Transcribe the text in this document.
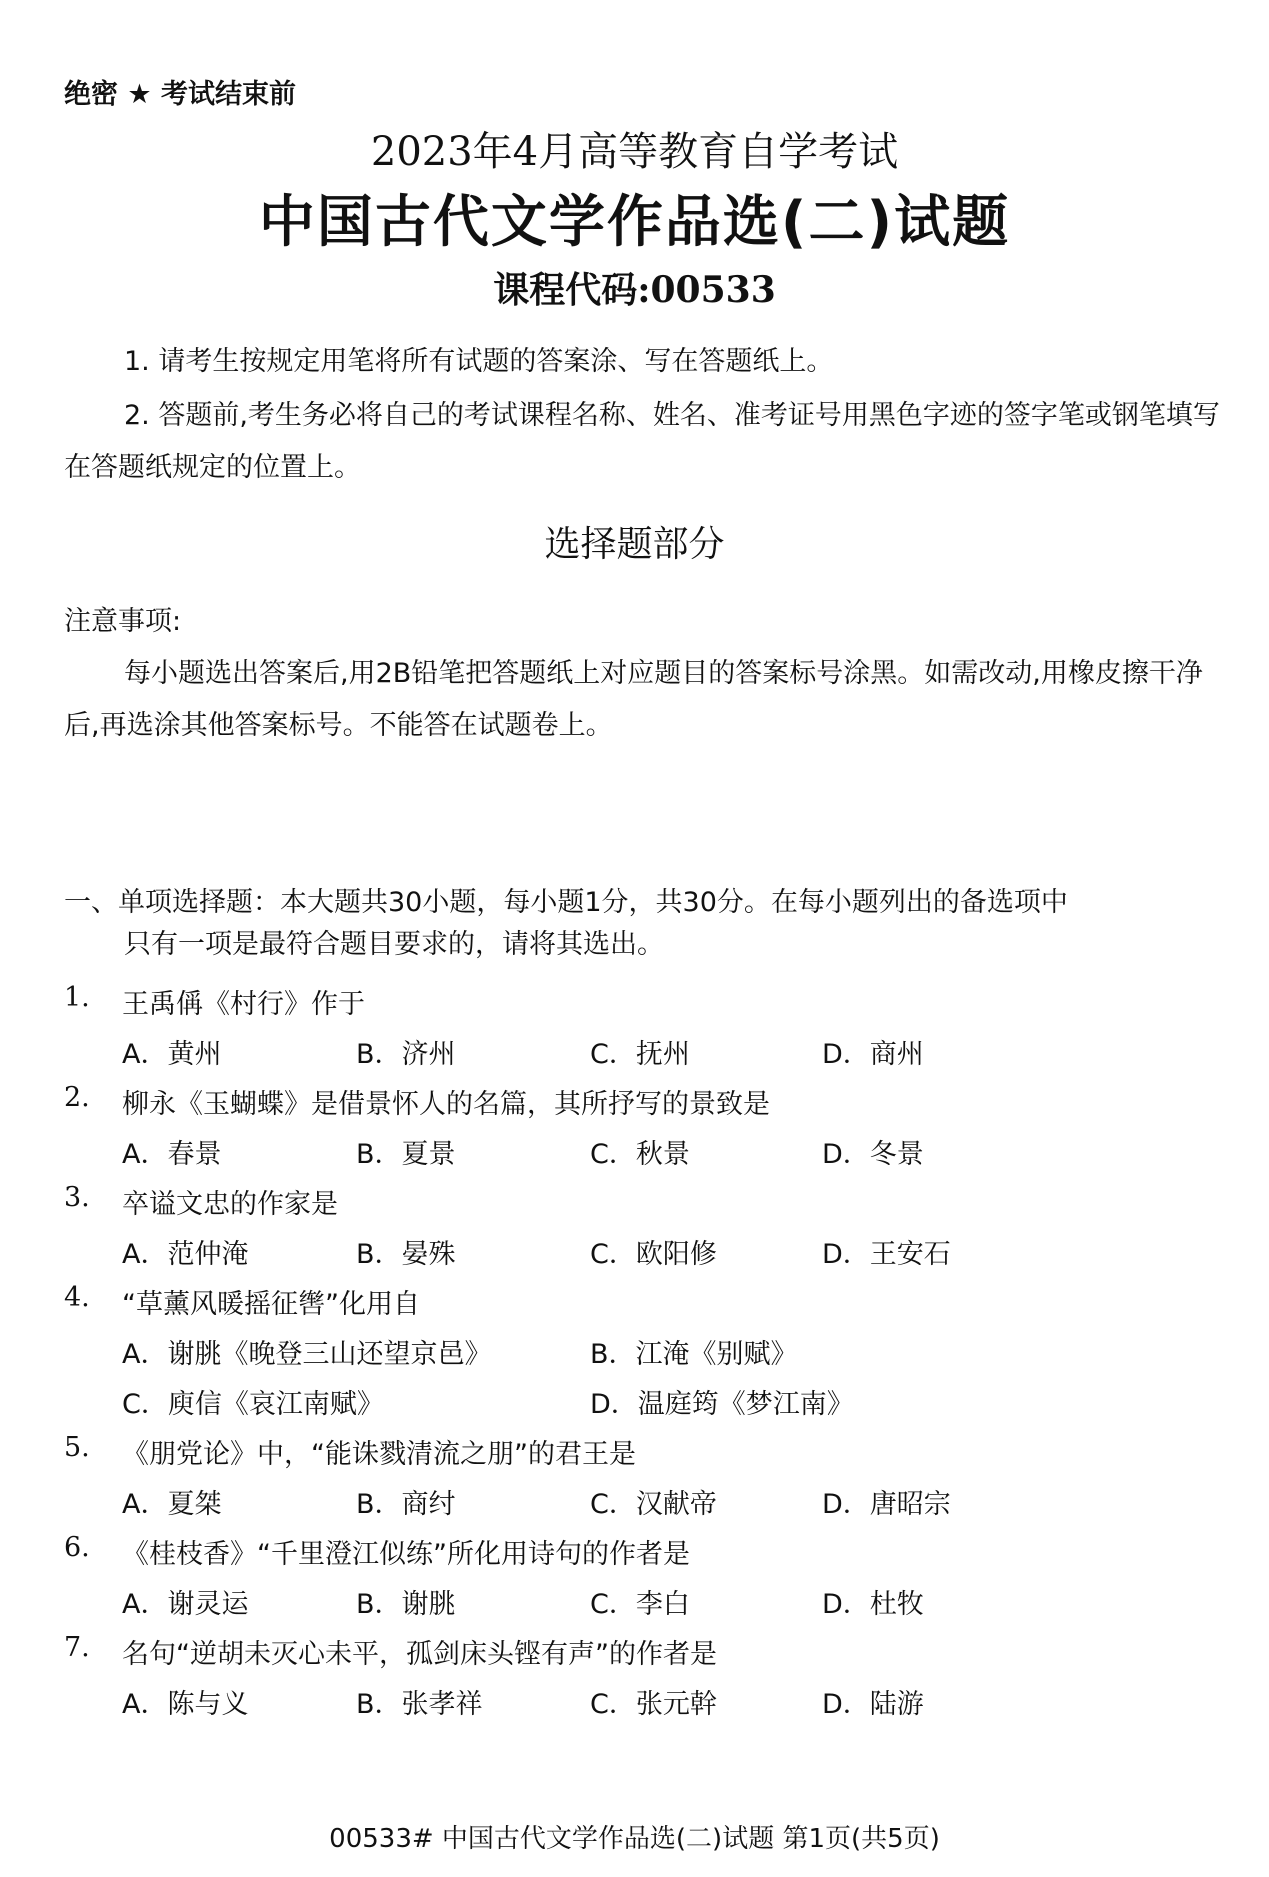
绝密 ★ 考试结束前
2023年4月高等教育自学考试
中国古代文学作品选(二)试题
课程代码:00533
1. 请考生按规定用笔将所有试题的答案涂、写在答题纸上。
2. 答题前,考生务必将自己的考试课程名称、姓名、准考证号用黑色字迹的签字笔或钢笔填写在答题纸规定的位置上。
选择题部分
注意事项:
每小题选出答案后,用2B铅笔把答题纸上对应题目的答案标号涂黑。如需改动,用橡皮擦干净后,再选涂其他答案标号。不能答在试题卷上。
一、单项选择题：本大题共30小题，每小题1分，共30分。在每小题列出的备选项中
只有一项是最符合题目要求的，请将其选出。
1. 王禹偁《村行》作于
A．黄州	B．济州	C．抚州	D．商州
2. 柳永《玉蝴蝶》是借景怀人的名篇，其所抒写的景致是
A．春景	B．夏景	C．秋景	D．冬景
3. 卒谥文忠的作家是
A．范仲淹	B．晏殊	C．欧阳修	D．王安石
4. “草薰风暖摇征辔”化用自
A．谢朓《晚登三山还望京邑》	B．江淹《别赋》
C．庾信《哀江南赋》	D．温庭筠《梦江南》
5. 《朋党论》中，“能诛戮清流之朋”的君王是
A．夏桀	B．商纣	C．汉献帝	D．唐昭宗
6. 《桂枝香》“千里澄江似练”所化用诗句的作者是
A．谢灵运	B．谢朓	C．李白	D．杜牧
7. 名句“逆胡未灭心未平，孤剑床头铿有声”的作者是
A．陈与义	B．张孝祥	C．张元幹	D．陆游
00533# 中国古代文学作品选(二)试题 第1页(共5页)
